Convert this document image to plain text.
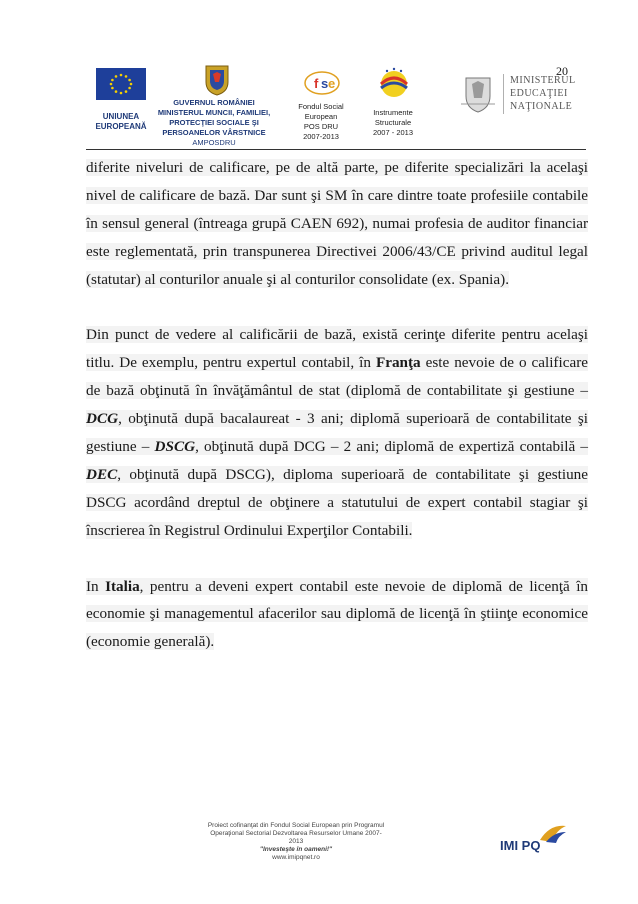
20
UNIUNEA EUROPEANĂ
GUVERNUL ROMÂNIEI MINISTERUL MUNCII, FAMILIEI, PROTECŢIEI SOCIALE ŞI PERSOANELOR VÂRSTNICE
AMPOSDRU
f s e
Fondul Social European
POS DRU
2007-2013
Instrumente Structurale
2007 - 2013
MINISTERUL EDUCAŢIEI NAŢIONALE

diferite niveluri de calificare, pe de altă parte, pe diferite specializări la acelaşi nivel de calificare de bază. Dar sunt şi SM în care dintre toate profesiile contabile în sensul general (întreaga grupă CAEN 692), numai profesia de auditor financiar este reglementată, prin transpunerea Directivei 2006/43/CE privind auditul legal (statutar) al conturilor anuale şi al conturilor consolidate (ex. Spania).

Din punct de vedere al calificării de bază, există cerinţe diferite pentru acelaşi titlu. De exemplu, pentru expertul contabil, în Franţa este nevoie de o calificare de bază obţinută în învăţământul de stat (diplomă de contabilitate şi gestiune – DCG, obţinută după bacalaureat - 3 ani; diplomă superioară de contabilitate şi gestiune – DSCG, obţinută după DCG – 2 ani; diplomă de expertiză contabilă – DEC, obţinută după DSCG), diploma superioară de contabilitate şi gestiune DSCG acordând dreptul de obţinere a statutului de expert contabil stagiar şi înscrierea în Registrul Ordinului Experţilor Contabili.

In Italia, pentru a deveni expert contabil este nevoie de diplomă de licenţă în economie şi managementul afacerilor sau diplomă de licenţă în ştiinţe economice (economie generală).

Proiect cofinanţat din Fondul Social European prin Programul
Operaţional Sectorial Dezvoltarea Resurselor Umane 2007-2013
"Investeşte în oameni!"
www.imipqnet.ro
IMI PQ
